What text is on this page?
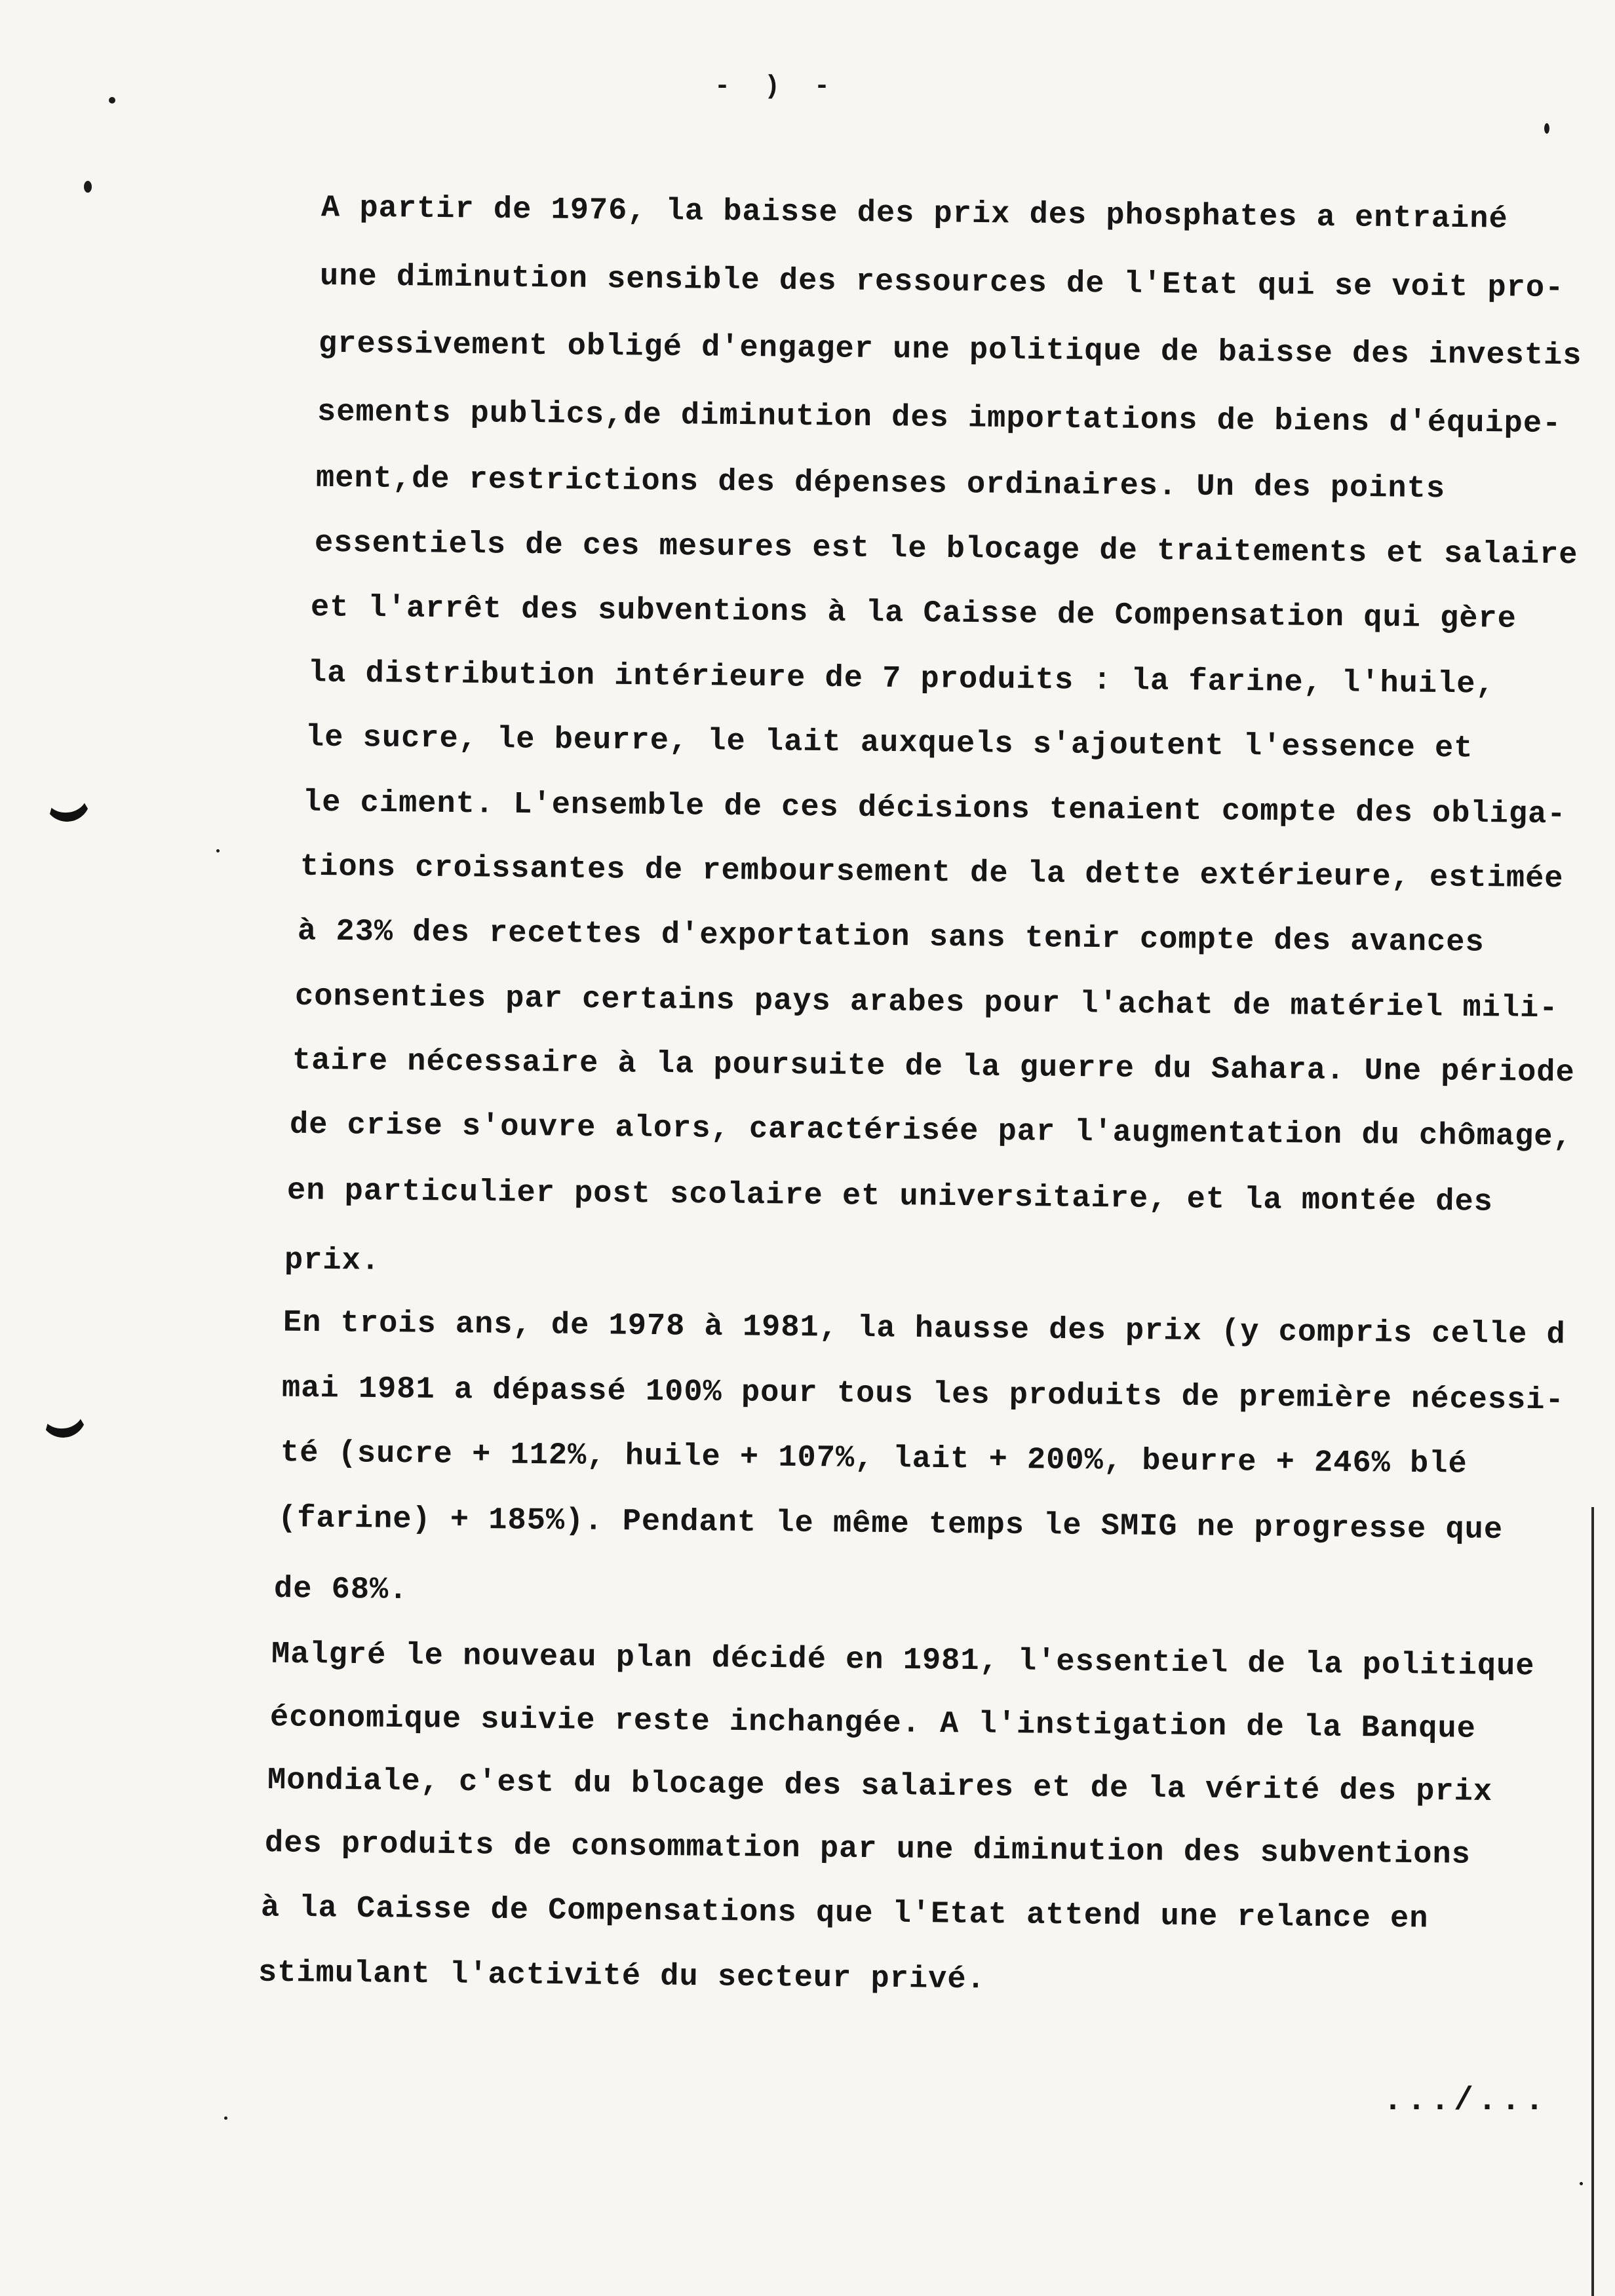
- ) -
A partir de 1976, la baisse des prix des phosphates a entrainé
une diminution sensible des ressources de l'Etat qui se voit pro-
gressivement obligé d'engager une politique de baisse des investis
sements publics,de diminution des importations de biens d'équipe-
ment,de restrictions des dépenses ordinaires. Un des points
essentiels de ces mesures est le blocage de traitements et salaire
et l'arrêt des subventions à la Caisse de Compensation qui gère
la distribution intérieure de 7 produits : la farine, l'huile,
le sucre, le beurre, le lait auxquels s'ajoutent l'essence et
le ciment. L'ensemble de ces décisions tenaient compte des obliga-
tions croissantes de remboursement de la dette extérieure, estimée
à 23% des recettes d'exportation sans tenir compte des avances
consenties par certains pays arabes pour l'achat de matériel mili-
taire nécessaire à la poursuite de la guerre du Sahara. Une période
de crise s'ouvre alors, caractérisée par l'augmentation du chômage,
en particulier post scolaire et universitaire, et la montée des
prix.
En trois ans, de 1978 à 1981, la hausse des prix (y compris celle d
mai 1981 a dépassé 100% pour tous les produits de première nécessi-
té (sucre + 112%, huile + 107%, lait + 200%, beurre + 246% blé
(farine) + 185%). Pendant le même temps le SMIG ne progresse que
de 68%.
Malgré le nouveau plan décidé en 1981, l'essentiel de la politique
économique suivie reste inchangée. A l'instigation de la Banque
Mondiale, c'est du blocage des salaires et de la vérité des prix
des produits de consommation par une diminution des subventions
à la Caisse de Compensations que l'Etat attend une relance en
stimulant l'activité du secteur privé.
.../...
